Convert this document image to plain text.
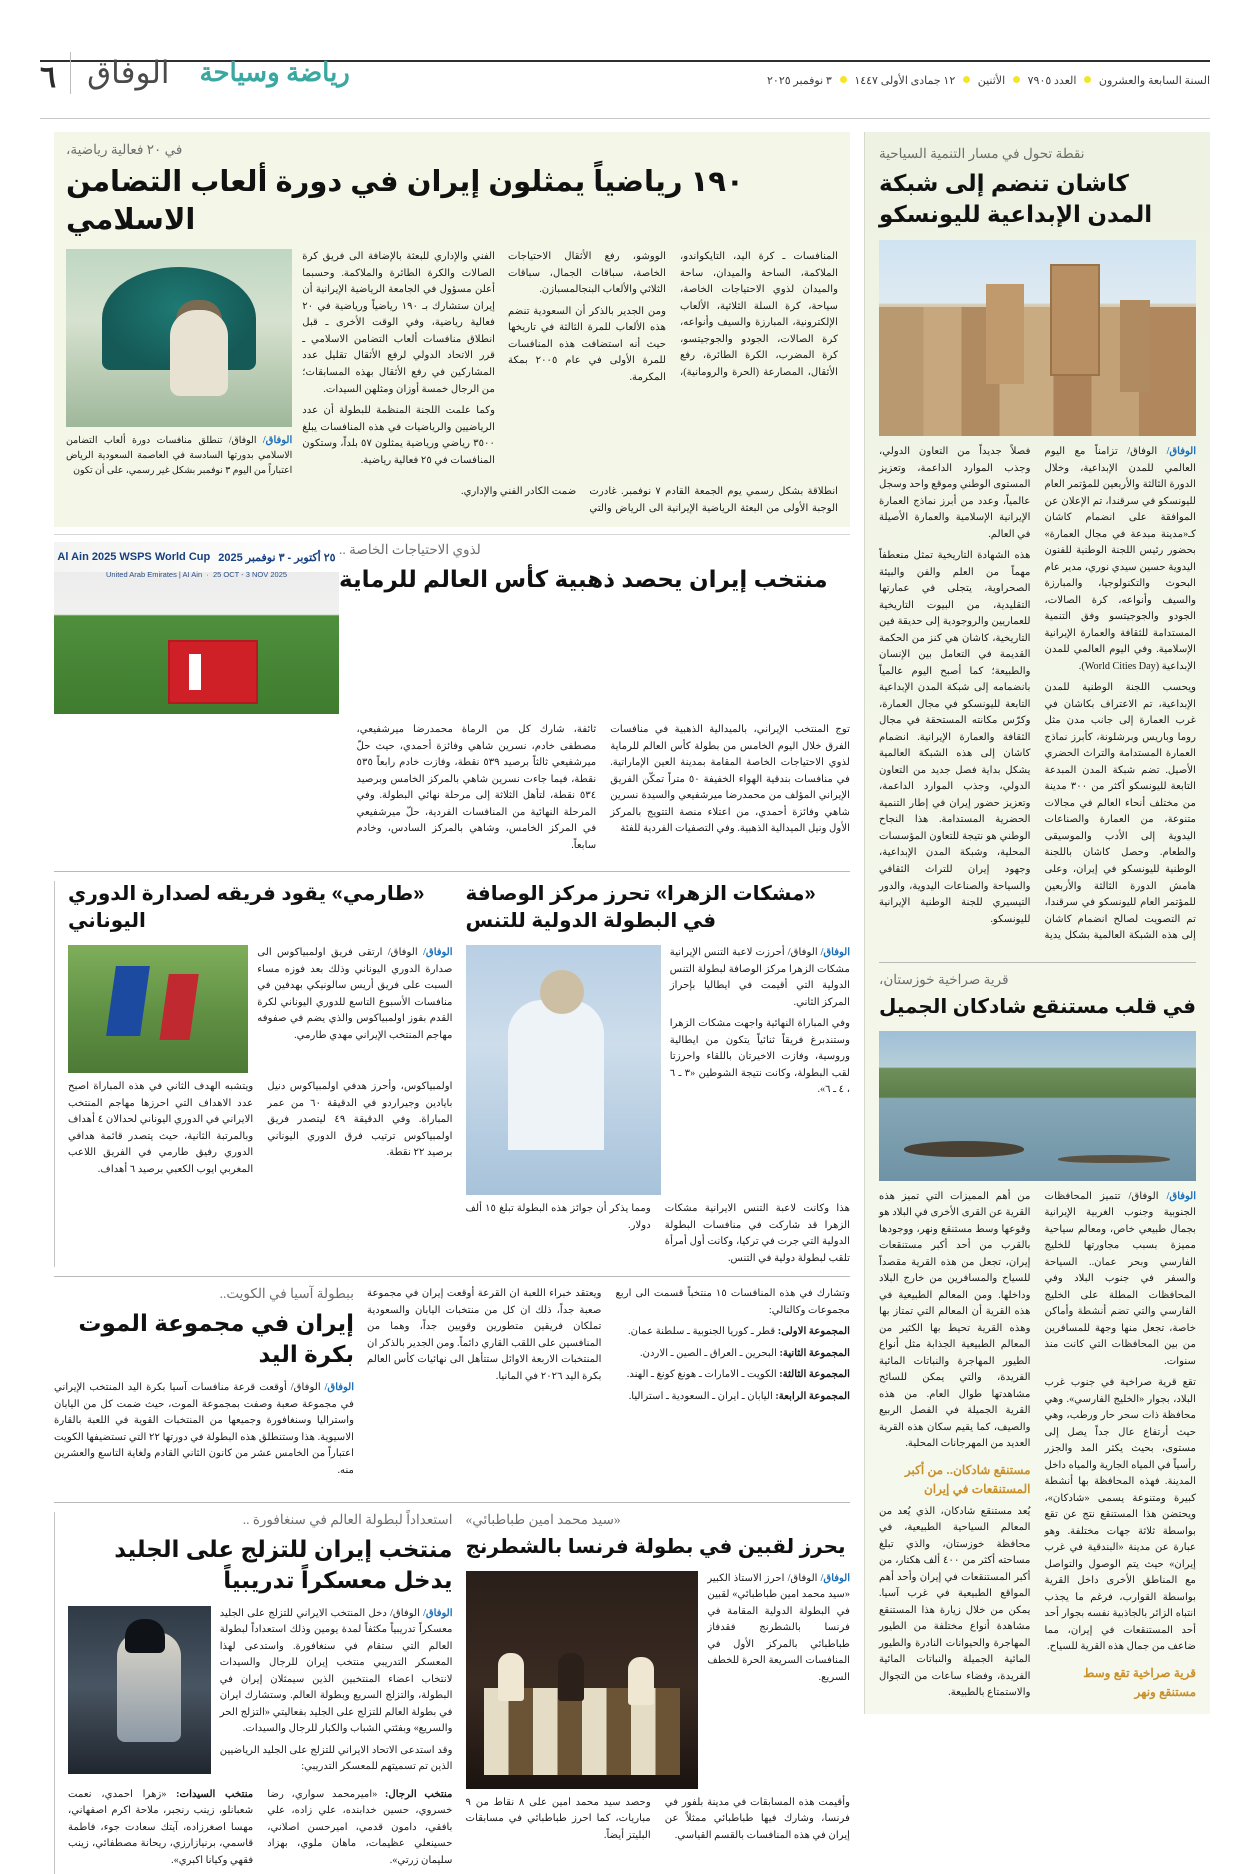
رياضة وسياحة
الوفاق
٦	السنة السابعة والعشرون  العدد ٧٩٠٥  الأثنين  ١٢ جمادى الأولى ١٤٤٧  ٣ نوفمبر ٢٠٢٥
نقطة تحول في مسار التنمية السياحية
كاشان تنضم إلى شبكة المدن الإبداعية لليونسكو

الوفاق/ الوفاق/ تزامناً مع اليوم العالمي للمدن الإبداعية، وخلال الدورة الثالثة والأربعين للمؤتمر العام لليونسكو في سرقندا، تم الإعلان عن الموافقة على انضمام كاشان كـ«مدينة مبدعة في مجال العمارة» بحضور رئيس اللجنة الوطنية للفنون اليدوية حسين سيدي نوري، مدير عام البحوث والتكنولوجيا، والمبارزة والسيف وأنواعه، كرة الصالات، الجودو والجوجيتسو وفق التنمية المستدامة للثقافة والعمارة الإيرانية الإسلامية. وفي اليوم العالمي للمدن الإبداعية (World Cities Day).

ويحسب اللجنة الوطنية للمدن الإبداعية، تم الاعتراف بكاشان في غرب العمارة إلى جانب مدن مثل روما وباريس وبرشلونة، كأبرز نماذج العمارة المستدامة والتراث الحضري الأصيل. تضم شبكة المدن المبدعة التابعة لليونسكو أكثر من ٣٠٠ مدينة من مختلف أنحاء العالم في مجالات متنوعة، من العمارة والصناعات اليدوية إلى الأدب والموسيقى والطعام. وحصل كاشان باللجنة الوطنية لليونسكو في إيران، وعلى هامش الدورة الثالثة والأربعين للمؤتمر العام لليونسكو في سرقندا، تم التصويت لصالح انضمام كاشان إلى هذه الشبكة العالمية بشكل يدية فصلاً جديداً من التعاون الدولي، وجذب الموارد الداعمة، وتعزيز المستوى الوطني وموقع واحد وسجل عالمياً، وعدد من أبرز نماذج العمارة الإيرانية الإسلامية والعمارة الأصيلة في العالم.

هذه الشهادة التاريخية تمثل منعطفاً مهماً من العلم والفن والبيئة الصحراوية، يتجلى في عمارتها التقليدية، من البيوت التاريخية للعماريين والروجودية إلى حديقة فين التاريخية، كاشان هي كنز من الحكمة القديمة في التعامل بين الإنسان والطبيعة؛ كما أصبح اليوم عالمياً بانضمامه إلى شبكة المدن الإبداعية التابعة لليونسكو في مجال العمارة، وكرّس مكانته المستحقة في مجال الثقافة والعمارة الإيرانية. انضمام كاشان إلى هذه الشبكة العالمية يشكل بداية فصل جديد من التعاون الدولي، وجذب الموارد الداعمة، وتعزيز حضور إيران في إطار التنمية الحضرية المستدامة. هذا النجاح الوطني هو نتيجة للتعاون المؤسسات المحلية، وشبكة المدن الإبداعية، وجهود إيران للتراث الثقافي والسياحة والصناعات اليدوية، والدور التيسيري للجنة الوطنية الإيرانية لليونسكو.

قرية صراخية خوزستان،
في قلب مستنقع شادكان الجميل

الوفاق/ الوفاق/ تتميز المحافظات الجنوبية وجنوب الغربية الإيرانية بجمال طبيعي خاص، ومعالم سياحية مميزة بسبب مجاورتها للخليج الفارسي وبحر عمان.. السياحة والسفر في جنوب البلاد وفي المحافظات المطلة على الخليج الفارسي والتي تضم أنشطة وأماكن خاصة، تجعل منها وجهة للمسافرين من بين المحافظات التي كانت منذ سنوات.

تقع قرية صراخية في جنوب غرب البلاد، بجوار «الخليج الفارسي». وهي محافظة ذات سحر حار ورطب، وهي حيث أرتفاع عال جداً يصل إلى مستوى، بحيث يكثر المد والجزر رأسياً في المياه الجارية والمياه داخل المدينة. فهذه المحافظة بها أنشطة كبيرة ومتنوعة يسمى «شادكان»، ويحتضن هذا المستنقع نتج عن تقع بواسطة ثلاثة جهات مختلفة. وهو عبارة عن مدينة «البندقية في غرب إيران» حيث يتم الوصول والتواصل مع المناطق الأخرى داخل القرية بواسطة القوارب، فرغم ما يجذب انتباه الزائر بالجاذبية نفسه بجوار أحد أحد المستنقعات في إيران، مما ضاعف من جمال هذه القرية للسياح.

قرية صراخية تقع وسط مستنقع ونهر

من أهم المميزات التي تميز هذه القرية عن القرى الأخرى في البلاد هو وقوعها وسط مستنقع ونهر، ووجودها بالقرب من أحد أكبر مستنقعات إيران، تجعل من هذه القرية مقصداً للسياح والمسافرين من خارج البلاد وداخلها. ومن المعالم الطبيعية في هذه القرية أن المعالم التي تمتاز بها وهذه القرية تحيط بها الكثير من المعالم الطبيعية الجذابة مثل أنواع الطيور المهاجرة والنباتات المائية الفريدة، والتي يمكن للسائح مشاهدتها طوال العام. من هذه القرية الجميلة في الفصل الربيع والصيف، كما يقيم سكان هذه القرية العديد من المهرجانات المحلية.

مستنقع شادكان.. من أكبر المستنقعات في إيران

يُعد مستنقع شادكان، الذي يُعد من المعالم السياحية الطبيعية، في محافظة خوزستان، والذي تبلغ مساحته أكثر من ٤٠٠ ألف هكتار، من أكبر المستنقعات في إيران وأحد أهم المواقع الطبيعية في غرب آسيا. يمكن من خلال زيارة هذا المستنقع مشاهدة أنواع مختلفة من الطيور المهاجرة والحيوانات النادرة والطيور المائية الجميلة والنباتات المائية الفريدة، وفضاء ساعات من التجوال والاستمتاع بالطبيعة.

في ٢٠ فعالية رياضية،
١٩٠ رياضياً يمثلون إيران في دورة ألعاب التضامن الاسلامي

المنافسات ـ كرة اليد، التايكواندو، الملاكمة، الساحة والميدان، ساحة والميدان لذوي الاحتياجات الخاصة، سياحة، كرة السلة الثلاثية، الألعاب الإلكترونية، المبارزة والسيف وأنواعه، كرة الصالات، الجودو والجوجيتسو، كرة المضرب، الكرة الطائرة، رفع الأثقال، المصارعة (الحرة والرومانية)، الووشو، رفع الأثقال الاحتياجات الخاصة، سباقات الجمال، سباقات الثلاثي والألعاب البنجالمسبازن.

ومن الجدير بالذكر أن السعودية تنضم هذه الألعاب للمرة الثالثة في تاريخها حيث أنه استضافت هذه المنافسات للمرة الأولى في عام ٢٠٠٥ بمكة المكرمة.

الفني والإداري للبعثة بالإضافة الى فريق كرة الصالات والكرة الطائرة والملاكمة. وحسبما أعلن مسؤول في الجامعة الرياضية الإيرانية أن إيران ستشارك بـ ١٩٠ رياضياً ورياضية في ٢٠ فعالية رياضية، وفي الوقت الأخرى ـ قبل انطلاق منافسات ألعاب التضامن الاسلامي ـ قرر الاتحاد الدولي لرفع الأثقال تقليل عدد المشاركين في رفع الأثقال بهذه المسابقات؛ من الرجال خمسة أوزان ومثلهن السيدات.

وكما علمت اللجنة المنظمة للبطولة أن عدد الرياضيين والرياضيات في هذه المنافسات يبلغ ٣٥٠٠ رياضي ورياضية يمثلون ٥٧ بلداً، وستكون المنافسات في ٢٥ فعالية رياضية.

الوفاق/ الوفاق/ تنطلق منافسات دورة ألعاب التضامن الاسلامي بدورتها السادسة في العاصمة السعودية الرياض اعتباراً من اليوم ٣ نوفمبر بشكل غير رسمي، على أن تكون

انطلاقة بشكل رسمي يوم الجمعة القادم ٧ نوفمبر. غادرت الوجبة الأولى من البعثة الرياضية الإيرانية الى الرياض والتي ضمت الكادر الفني والإداري.

لذوي الاحتياجات الخاصة ..
منتخب إيران يحصد ذهبية كأس العالم للرماية
٢٥ أكتوبر - ٣ نوفمبر 2025
Al Ain 2025 WSPS World Cup
United Arab Emirates | AI Ain  ·  25 OCT - 3 NOV 2025

توج المنتخب الإيراني، بالميدالية الذهبية في منافسات الفرق خلال اليوم الخامس من بطولة كأس العالم للرماية لذوي الاحتياجات الخاصة المقامة بمدينة العين الإماراتية. في منافسات بندقية الهواء الخفيفة ٥٠ متراً تمكّن الفريق الإيراني المؤلف من محمدرضا ميرشفيعي والسيدة نسرين شاهي وفائزة أحمدي، من اعتلاء منصة التتويج بالمركز الأول ونيل الميدالية الذهبية. وفي التصفيات الفردية للفئة

ثائفة، شارك كل من الرماة محمدرضا ميرشفيعي، مصطفى خادم، نسرين شاهي وفائزة أحمدي، حيث حلّ ميرشفيعي ثالثاً برصيد ٥٣٩ نقطة، وفازت خادم رابعاً ٥٣٥ نقطة، فيما جاءت نسرين شاهي بالمركز الخامس وبرصيد ٥٣٤ نقطة، لتأهل الثلاثة إلى مرحلة نهائي البطولة. وفي المرحلة النهائية من المنافسات الفردية، حلّ ميرشفيعي في المركز الخامس، وشاهي بالمركز السادس، وخادم سابعاً.

«مشكات الزهرا» تحرز مركز الوصافة في البطولة الدولية للتنس

الوفاق/ الوفاق/ أحرزت لاعبة التنس الإيرانية مشكات الزهرا مركز الوصافة لبطولة التنس الدولية التي أقيمت في ايطاليا بإحراز المركز الثاني.

وفي المباراة النهائية واجهت مشكات الزهرا وستندبرغ فريقاً ثنائياً يتكون من ايطالية وروسية، وفازت الاخيرتان باللقاء واحرزتا لقب البطولة، وكانت نتيجة الشوطين «٣ ـ ٦ ، ٤ ـ ٦».

هذا وكانت لاعبة التنس الايرانية مشكات الزهرا قد شاركت في منافسات البطولة الدولية التي جرت في تركيا، وكانت أول أمرأة تلقب لبطولة دولية في التنس.

ومما يذكر أن جوائز هذه البطولة تبلغ ١٥ ألف دولار.

«طارمي» يقود فريقه لصدارة الدوري اليوناني

الوفاق/ الوفاق/ ارتقى فريق اولمبياكوس الى صدارة الدوري اليوناني وذلك بعد فوزه مساء السبت على فريق أريس سالونيكي بهدفين في منافسات الأسبوع التاسع للدوري اليوناني لكرة القدم بفوز اولمبياكوس والذي يضم في صفوفه مهاجم المنتخب الإيراني مهدي طارمي.

اولمبياكوس، وأحرز هدفي اولمبياكوس دنيل بايادين وجيراردو في الدقيقة ٦٠ من عمر المباراة. وفي الدقيقة ٤٩ ليتصدر فريق اولمبياكوس ترتيب فرق الدوري اليوناني برصيد ٢٢ نقطة.

ويتشبه الهدف الثاني في هذه المباراة اصبح عدد الاهداف التي احرزها مهاجم المنتخب الايراني في الدوري اليوناني لحدالان ٤ أهداف وبالمرتبة الثانية، حيث يتصدر قائمة هدافي الدوري رفيق طارمي في الفريق اللاعب المغربي ايوب الكعبي برصيد ٦ أهداف.

وتشارك في هذه المنافسات ١٥ منتخباً قسمت الى اربع مجموعات وكالتالي:

المجموعة الاولى: قطر ـ كوريا الجنوبية ـ سلطنة عمان.

المجموعة الثانية: البحرين ـ العراق ـ الصين ـ الاردن.

المجموعة الثالثة: الكويت ـ الامارات ـ هونغ كونغ ـ الهند.

المجموعة الرابعة: اليابان ـ ايران ـ السعودية ـ استراليا.

ويعتقد خبراء اللعبة ان القرعة أوقعت إيران في مجموعة صعبة جداً، ذلك ان كل من منتخبات اليابان والسعودية تملكان فريقين متطورين وقويين جداً، وهما من المنافسين على اللقب القاري دائماً. ومن الجدير بالذكر ان المنتخبات الاربعة الاوائل ستتأهل الى نهائيات كأس العالم بكرة اليد ٢٠٢٦ في المانيا.

ببطولة آسيا في الكويت..
إيران في مجموعة الموت بكرة اليد

الوفاق/ الوفاق/ أوقعت قرعة منافسات آسيا بكرة اليد المنتخب الإيراني في مجموعة صعبة وصفت بمجموعة الموت، حيث ضمت كل من اليابان واستراليا وسنغافورة وجميعها من المنتخبات القوية في اللعبة بالقارة الاسيوية. هذا وستنطلق هذه البطولة في دورتها ٢٢ التي تستضيفها الكويت اعتباراً من الخامس عشر من كانون الثاني القادم ولغاية التاسع والعشرين منه.

«سيد محمد امين طباطبائي»
يحرز لقبين في بطولة فرنسا بالشطرنج

الوفاق/ الوفاق/ احرز الاستاذ الكبير «سيد محمد امين طباطبائي» لقبين في البطولة الدولية المقامة في فرنسا بالشطرنج فقدفاز طباطبائي بالمركز الأول في المنافسات السريعة الحرة للخطف السريع.

وأقيمت هذه المسابقات في مدينة بلفور في فرنسا، وشارك فيها طباطبائي ممثلاً عن إيران في هذه المنافسات بالقسم القياسي.

وحصد سيد محمد امين على ٨ نقاط من ٩ مباريات، كما احرز طباطبائي في مسابقات البليتز أيضاً.

استعداداً لبطولة العالم في سنغافورة ..
منتخب إيران للتزلج على الجليد يدخل معسكراً تدريبياً

الوفاق/ الوفاق/ دخل المنتخب الايراني للتزلج على الجليد معسكراً تدريبياً مكثفاً لمدة يومين وذلك استعداداً لبطولة العالم التي ستقام في سنغافورة. واستدعى لهذا المعسكر التدريبي منتخب إيران للرجال والسيدات لانتخاب اعضاء المنتخبين الذين سيمثلان إيران في البطولة، والتزلج السريع وبطولة العالم. وستشارك ايران في بطولة العالم للتزلج على الجليد بفعاليتي «التزلج الحر والسريع» وبفئتي الشباب والكبار للرجال والسيدات.

وقد استدعى الاتحاد الايراني للتزلج على الجليد الرياضيين الذين تم تسميتهم للمعسكر التدريبي:

منتخب الرجال: «اميرمحمد سواري، رضا خسروي، حسين خدابنده، علي زاده، علي بافقي، دامون قدمي، اميرحسن اصلاني، حسينعلي عظيمات، ماهان ملوي، بهزاد سليمان زرتي».

منتخب السيدات: «زهرا احمدي، نعمت شعبانلو، زينب رنجبر، ملاحة اكرم اصفهاني، مهسا اصغرزاده، آيتك سعادت جوء، فاطمة قاسمي، برنيازارزي، ريحانة مصطفائي، زينب فقهي وكيانا اكبري».
